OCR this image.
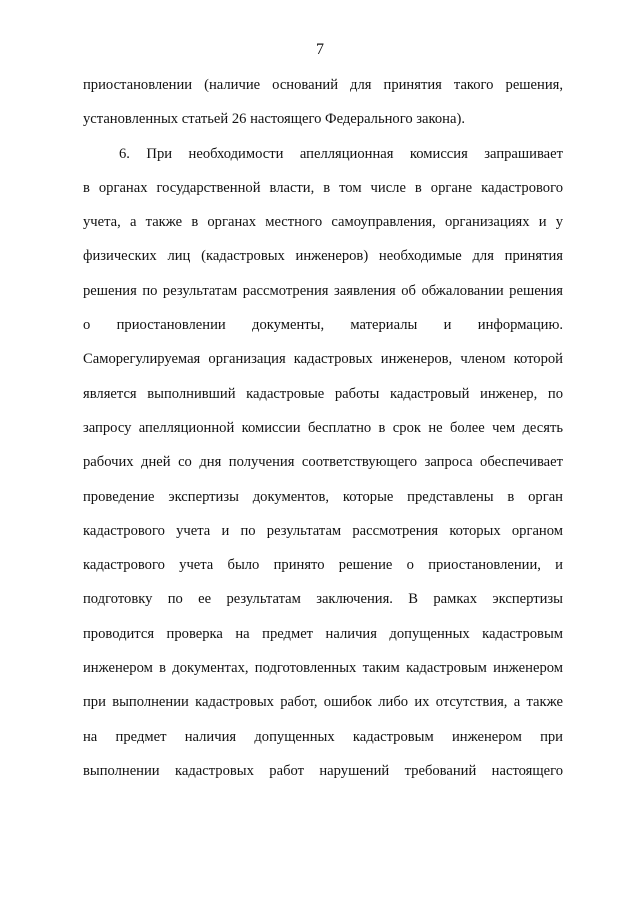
7
приостановлении (наличие оснований для принятия такого решения,
установленных статьей 26 настоящего Федерального закона).
6. При необходимости апелляционная комиссия запрашивает
в органах государственной власти, в том числе в органе кадастрового
учета, а также в органах местного самоуправления, организациях и у
физических лиц (кадастровых инженеров) необходимые для принятия
решения по результатам рассмотрения заявления об обжаловании решения
о приостановлении документы, материалы и информацию.
Саморегулируемая организация кадастровых инженеров, членом которой
является выполнивший кадастровые работы кадастровый инженер, по
запросу апелляционной комиссии бесплатно в срок не более чем десять
рабочих дней со дня получения соответствующего запроса обеспечивает
проведение экспертизы документов, которые представлены в орган
кадастрового учета и по результатам рассмотрения которых органом
кадастрового учета было принято решение о приостановлении, и
подготовку по ее результатам заключения. В рамках экспертизы
проводится проверка на предмет наличия допущенных кадастровым
инженером в документах, подготовленных таким кадастровым инженером
при выполнении кадастровых работ, ошибок либо их отсутствия, а также
на предмет наличия допущенных кадастровым инженером при
выполнении кадастровых работ нарушений требований настоящего
